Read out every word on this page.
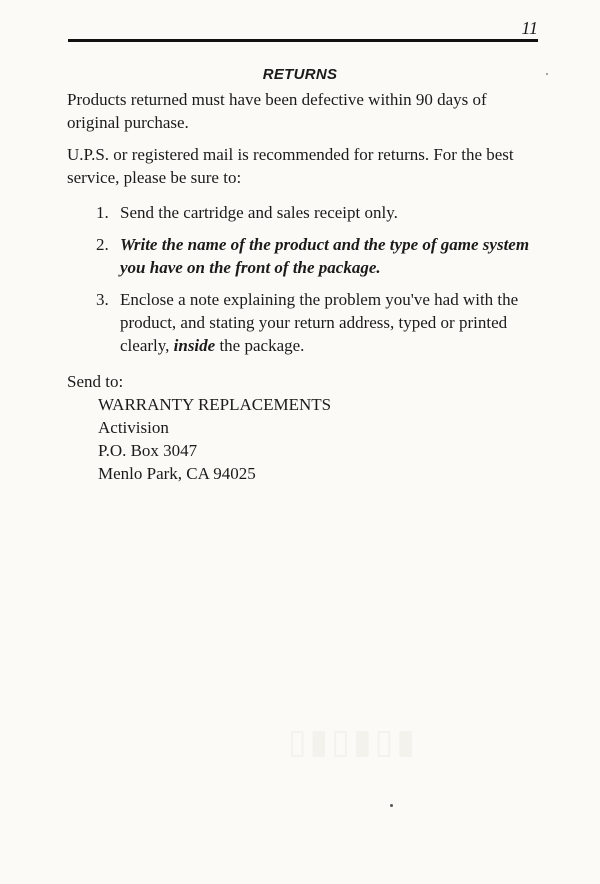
11
RETURNS

Products returned must have been defective within 90 days of original purchase.

U.P.S. or registered mail is recommended for returns. For the best service, please be sure to:

1. Send the cartridge and sales receipt only.
2. Write the name of the product and the type of game system you have on the front of the package.
3. Enclose a note explaining the problem you've had with the product, and stating your return address, typed or printed clearly, inside the package.
Send to:
WARRANTY REPLACEMENTS
Activision
P.O. Box 3047
Menlo Park, CA 94025
▮▯▮▯▮▯
